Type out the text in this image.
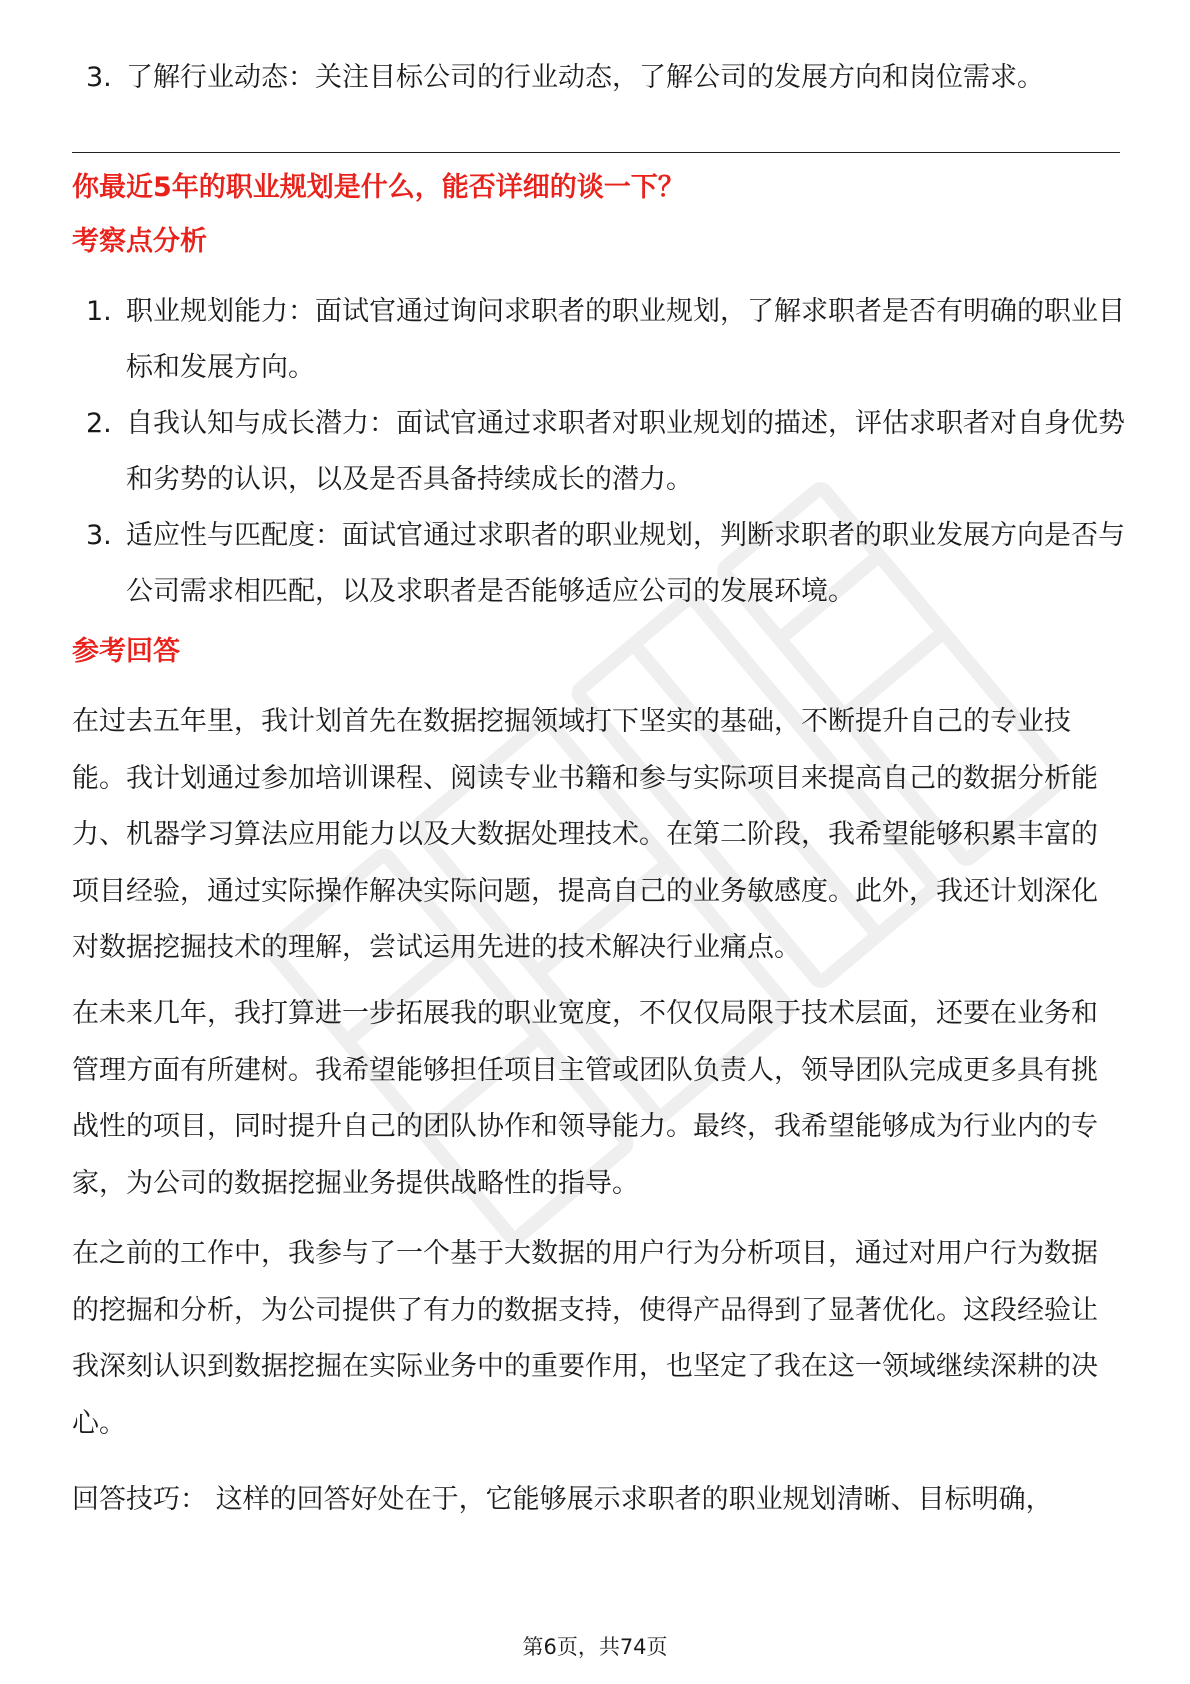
3. 了解行业动态：关注目标公司的行业动态，了解公司的发展方向和岗位需求。
你最近5年的职业规划是什么，能否详细的谈一下？
考察点分析
1. 职业规划能力：面试官通过询问求职者的职业规划，了解求职者是否有明确的职业目标和发展方向。
2. 自我认知与成长潜力：面试官通过求职者对职业规划的描述，评估求职者对自身优势和劣势的认识，以及是否具备持续成长的潜力。
3. 适应性与匹配度：面试官通过求职者的职业规划，判断求职者的职业发展方向是否与公司需求相匹配，以及求职者是否能够适应公司的发展环境。
参考回答

在过去五年里，我计划首先在数据挖掘领域打下坚实的基础，不断提升自己的专业技能。我计划通过参加培训课程、阅读专业书籍和参与实际项目来提高自己的数据分析能力、机器学习算法应用能力以及大数据处理技术。在第二阶段，我希望能够积累丰富的项目经验，通过实际操作解决实际问题，提高自己的业务敏感度。此外，我还计划深化对数据挖掘技术的理解，尝试运用先进的技术解决行业痛点。

在未来几年，我打算进一步拓展我的职业宽度，不仅仅局限于技术层面，还要在业务和管理方面有所建树。我希望能够担任项目主管或团队负责人，领导团队完成更多具有挑战性的项目，同时提升自己的团队协作和领导能力。最终，我希望能够成为行业内的专家，为公司的数据挖掘业务提供战略性的指导。

在之前的工作中，我参与了一个基于大数据的用户行为分析项目，通过对用户行为数据的挖掘和分析，为公司提供了有力的数据支持，使得产品得到了显著优化。这段经验让我深刻认识到数据挖掘在实际业务中的重要作用，也坚定了我在这一领域继续深耕的决心。

回答技巧： 这样的回答好处在于，它能够展示求职者的职业规划清晰、目标明确，

第6页，共74页
